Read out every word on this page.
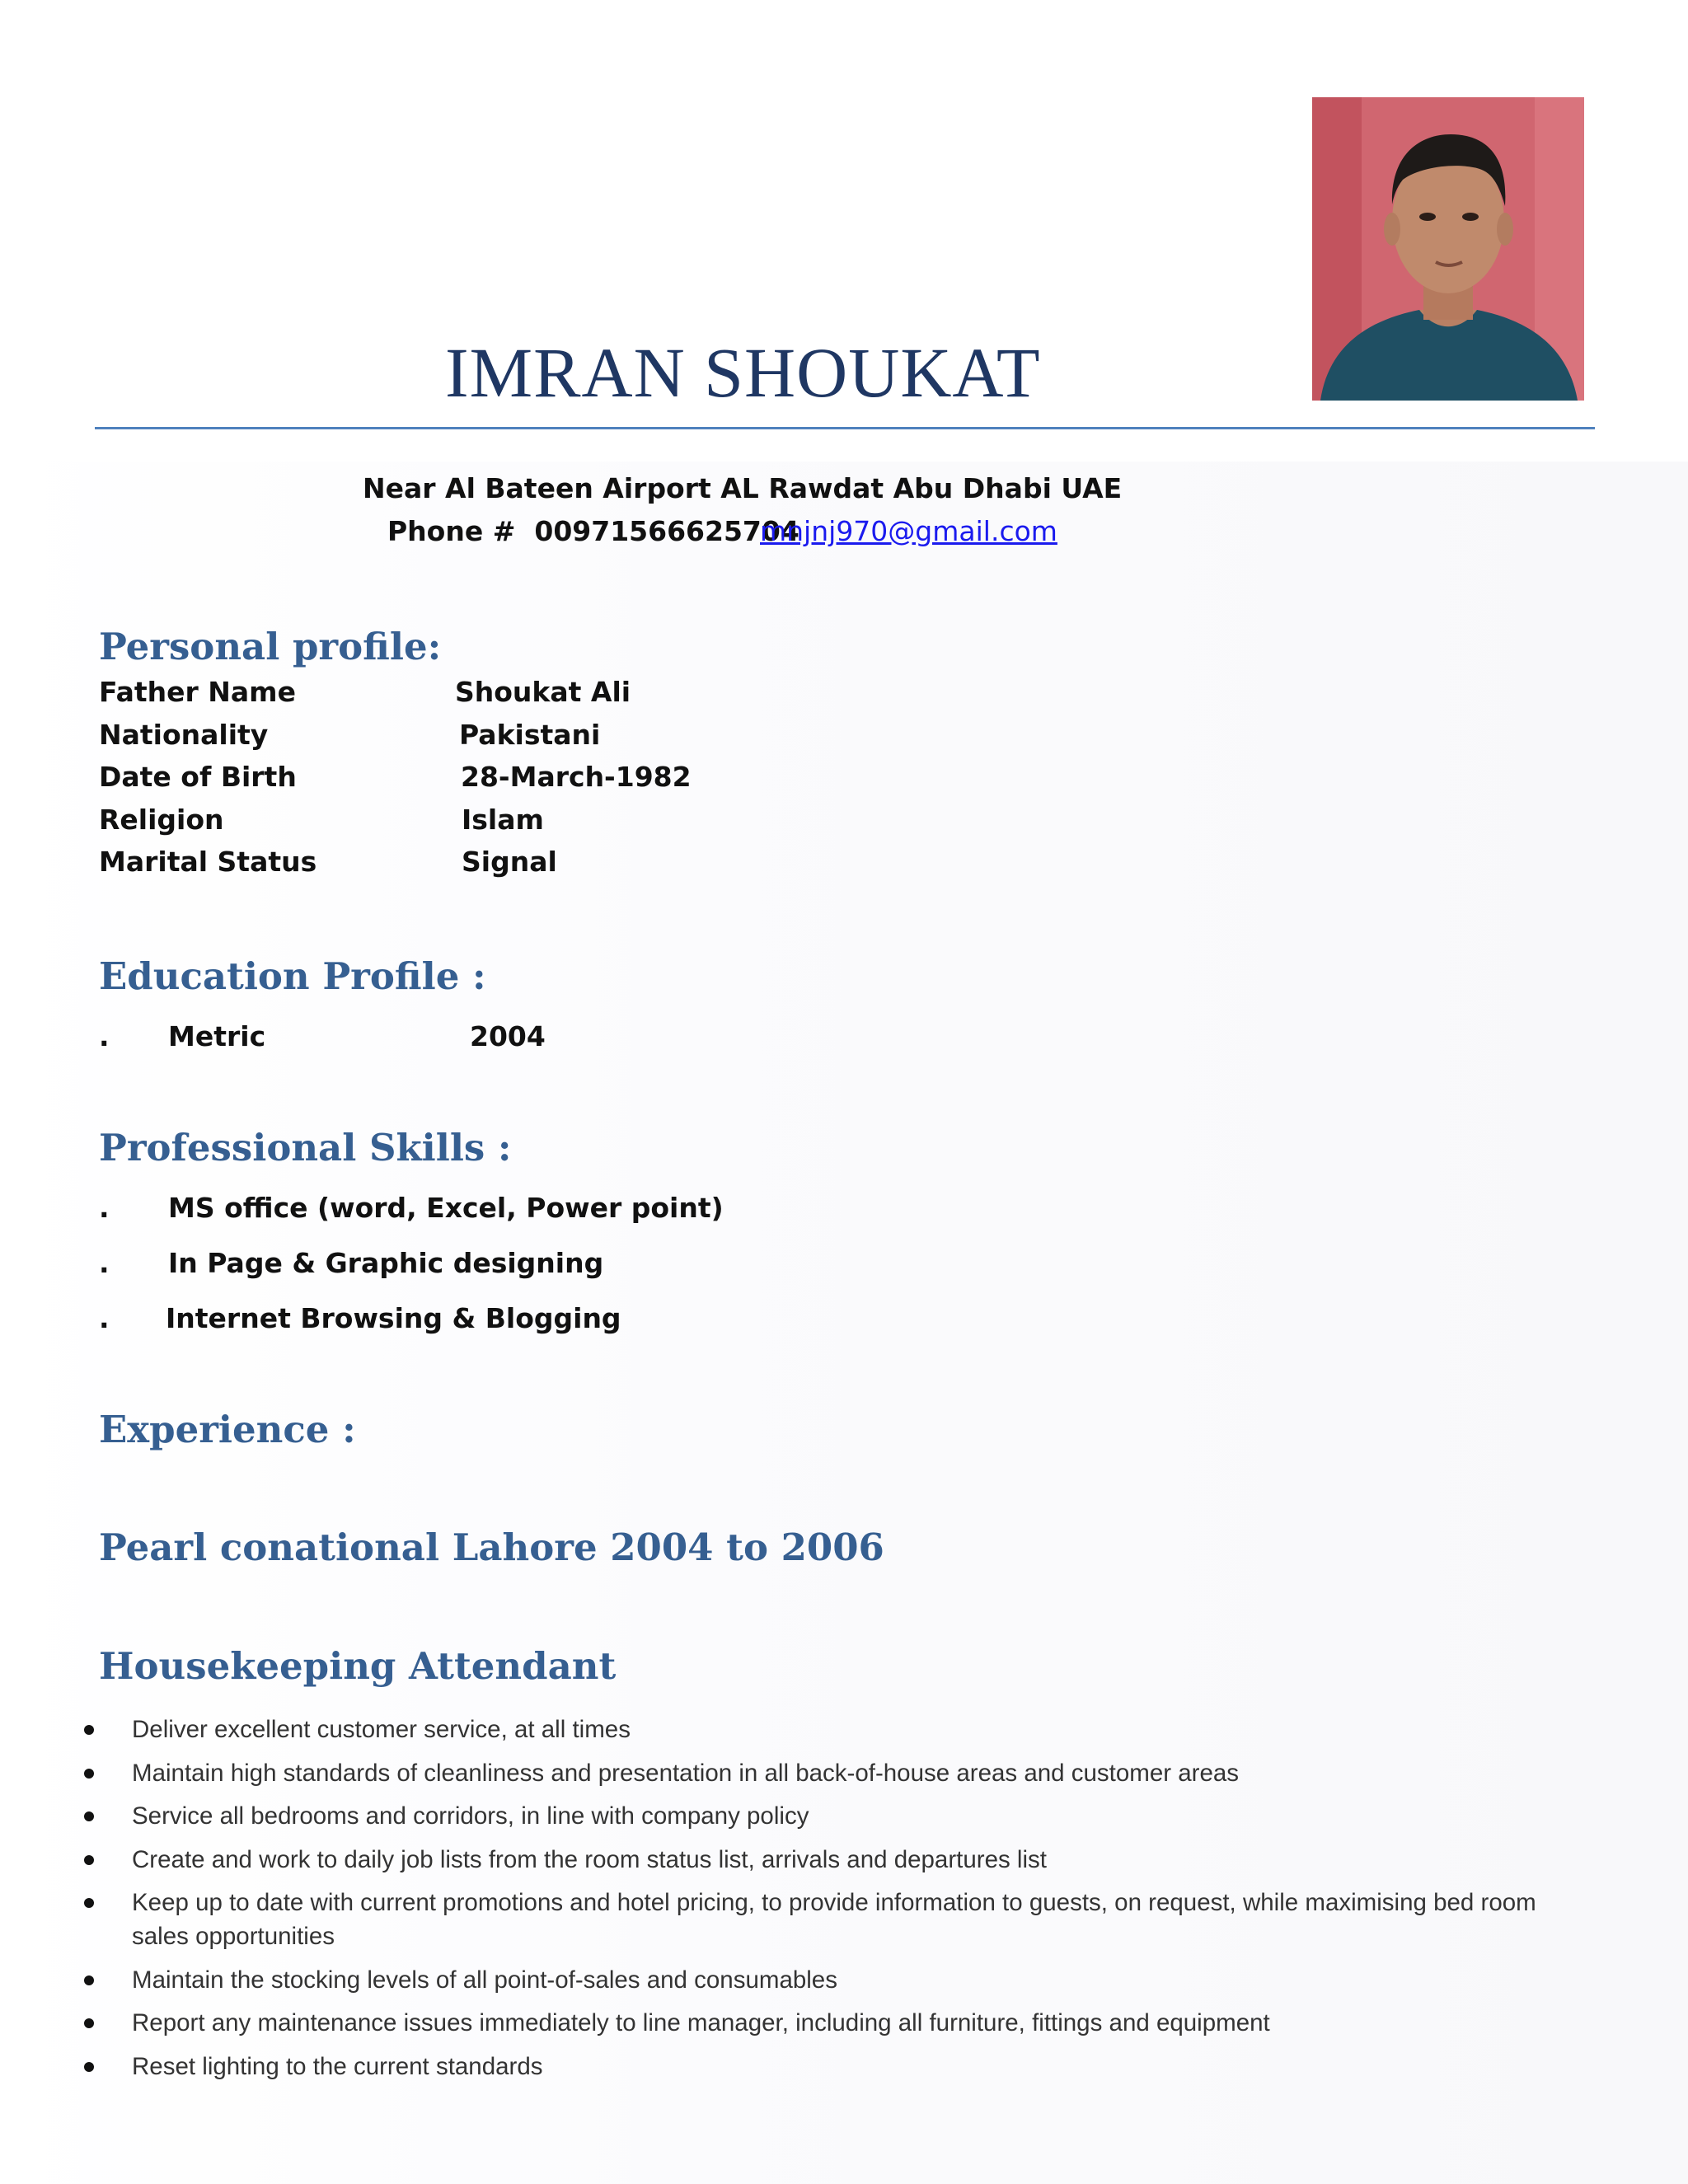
IMRAN SHOUKAT
Near Al Bateen Airport AL Rawdat Abu Dhabi UAE
Phone # 00971566625704
mnjnj970@gmail.com
Personal profile:
Father Name	Shoukat Ali
Nationality	Pakistani
Date of Birth	28-March-1982
Religion	Islam
Marital Status	Signal
Education Profile :
. Metric	2004
Professional Skills :
. MS office (word, Excel, Power point)
. In Page & Graphic designing
. Internet Browsing & Blogging
Experience :
Pearl conational Lahore 2004 to 2006
Housekeeping Attendant
Deliver excellent customer service, at all times
Maintain high standards of cleanliness and presentation in all back-of-house areas and customer areas
Service all bedrooms and corridors, in line with company policy
Create and work to daily job lists from the room status list, arrivals and departures list
Keep up to date with current promotions and hotel pricing, to provide information to guests, on request, while maximising bed room sales opportunities
Maintain the stocking levels of all point-of-sales and consumables
Report any maintenance issues immediately to line manager, including all furniture, fittings and equipment
Reset lighting to the current standards
